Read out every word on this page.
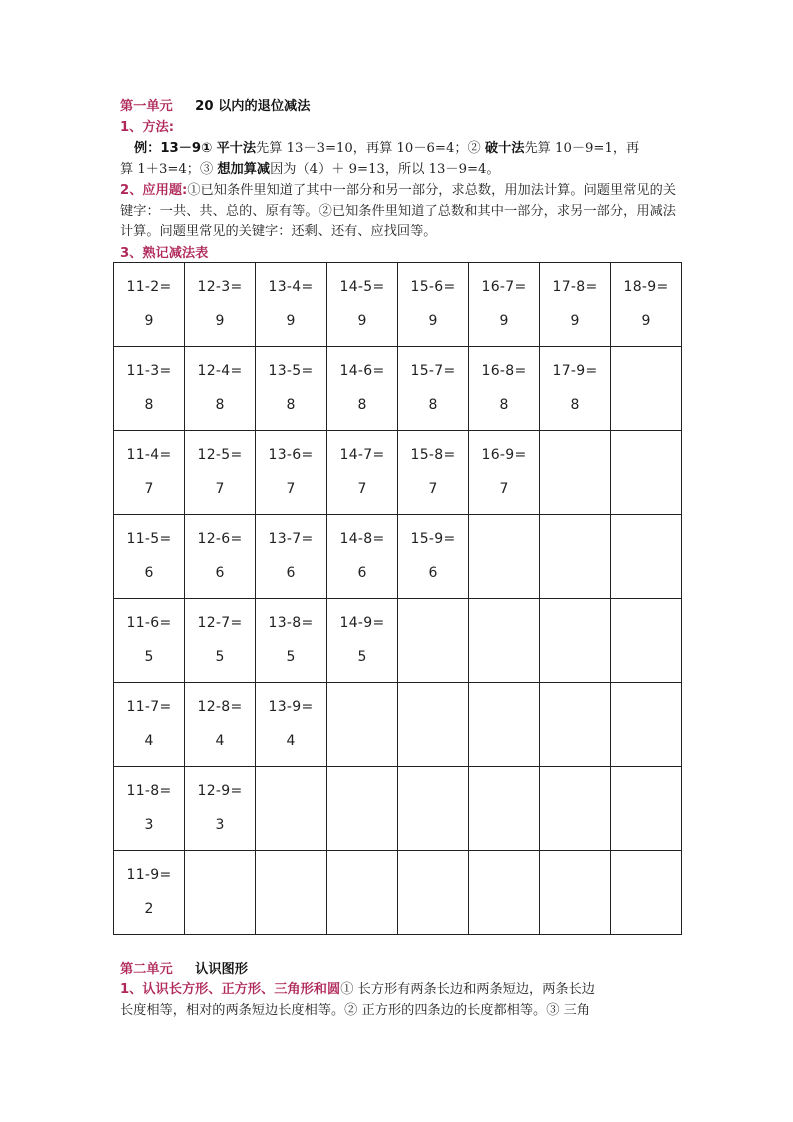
第一单元 20 以内的退位减法
1、方法:
例：13－9① 平十法先算 13－3=10，再算 10－6=4；② 破十法先算 10－9=1，再
算 1＋3=4；③ 想加算减因为（4）＋ 9=13，所以 13－9=4。
2、应用题:①已知条件里知道了其中一部分和另一部分，求总数，用加法计算。问题里常见的关键字：一共、共、总的、原有等。②已知条件里知道了总数和其中一部分，求另一部分，用减法计算。问题里常见的关键字：还剩、还有、应找回等。
3、熟记减法表
11-2=
9	12-3=
9	13-4=
9	14-5=
9	15-6=
9	16-7=
9	17-8=
9	18-9=
9

11-3=
8	12-4=
8	13-5=
8	14-6=
8	15-7=
8	16-8=
8	17-9=
8	

11-4=
7	12-5=
7	13-6=
7	14-7=
7	15-8=
7	16-9=
7		

11-5=
6	12-6=
6	13-7=
6	14-8=
6	15-9=
6			

11-6=
5	12-7=
5	13-8=
5	14-9=
5				

11-7=
4	12-8=
4	13-9=
4					

11-8=
3	12-9=
3						

11-9=
2							

第二单元 认识图形
1、认识长方形、正方形、三角形和圆① 长方形有两条长边和两条短边，两条长边
长度相等，相对的两条短边长度相等。② 正方形的四条边的长度都相等。③ 三角
